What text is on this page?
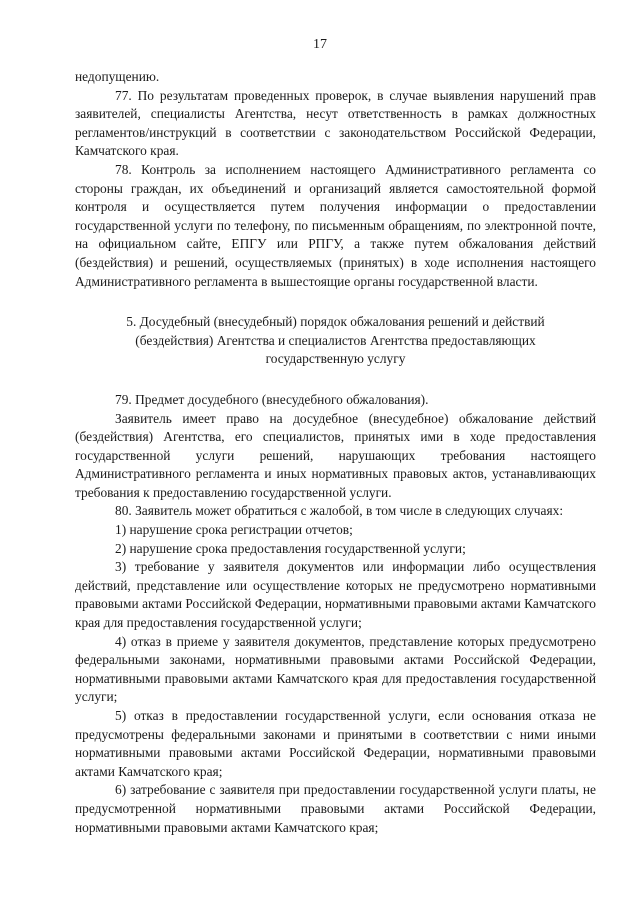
17

недопущению.

77. По результатам проведенных проверок, в случае выявления нарушений прав заявителей, специалисты Агентства, несут ответственность в рамках должностных регламентов/инструкций в соответствии с законодательством Российской Федерации, Камчатского края.

78. Контроль за исполнением настоящего Административного регламента со стороны граждан, их объединений и организаций является самостоятельной формой контроля и осуществляется путем получения информации о предоставлении государственной услуги по телефону, по письменным обращениям, по электронной почте, на официальном сайте, ЕПГУ или РПГУ, а также путем обжалования действий (бездействия) и решений, осуществляемых (принятых) в ходе исполнения настоящего Административного регламента в вышестоящие органы государственной власти.

5. Досудебный (внесудебный) порядок обжалования решений и действий (бездействия) Агентства и специалистов Агентства предоставляющих государственную услугу

79. Предмет досудебного (внесудебного обжалования).

Заявитель имеет право на досудебное (внесудебное) обжалование действий (бездействия) Агентства, его специалистов, принятых ими в ходе предоставления государственной услуги решений, нарушающих требования настоящего Административного регламента и иных нормативных правовых актов, устанавливающих требования к предоставлению государственной услуги.

80. Заявитель может обратиться с жалобой, в том числе в следующих случаях:

1) нарушение срока регистрации отчетов;

2) нарушение срока предоставления государственной услуги;

3) требование у заявителя документов или информации либо осуществления действий, представление или осуществление которых не предусмотрено нормативными правовыми актами Российской Федерации, нормативными правовыми актами Камчатского края для предоставления государственной услуги;

4) отказ в приеме у заявителя документов, представление которых предусмотрено федеральными законами, нормативными правовыми актами Российской Федерации, нормативными правовыми актами Камчатского края для предоставления государственной услуги;

5) отказ в предоставлении государственной услуги, если основания отказа не предусмотрены федеральными законами и принятыми в соответствии с ними иными нормативными правовыми актами Российской Федерации, нормативными правовыми актами Камчатского края;

6) затребование с заявителя при предоставлении государственной услуги платы, не предусмотренной нормативными правовыми актами Российской Федерации, нормативными правовыми актами Камчатского края;
